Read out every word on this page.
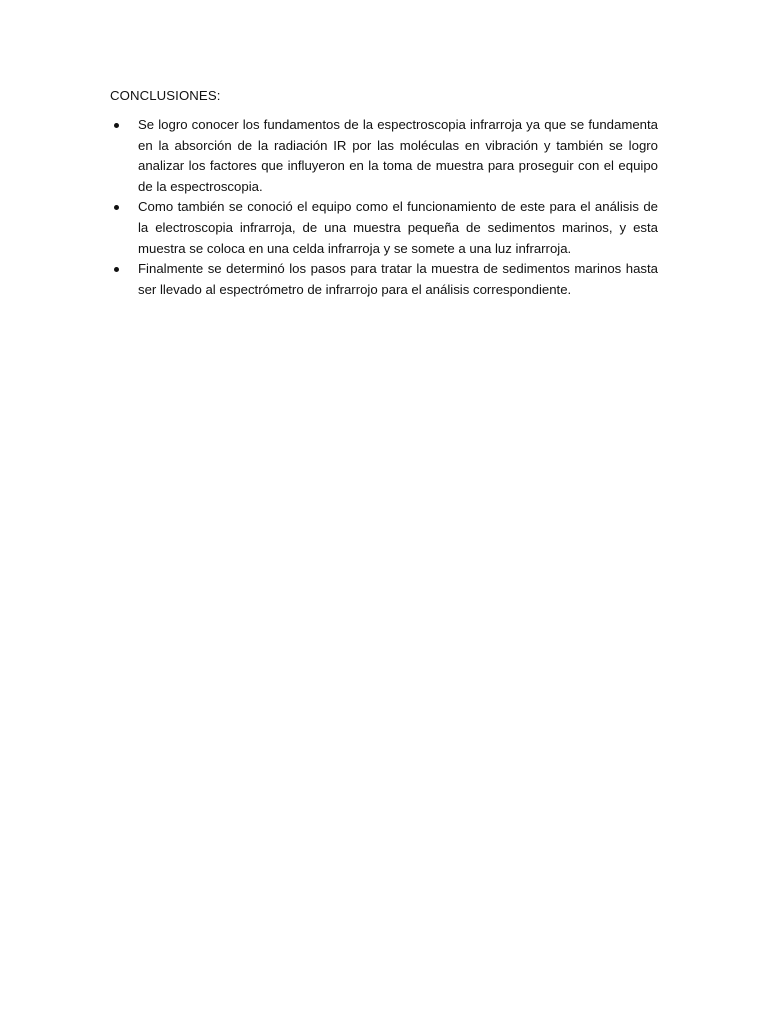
CONCLUSIONES:

Se logro conocer los fundamentos de la espectroscopia infrarroja ya que se fundamenta en la absorción de la radiación IR por las moléculas en vibración y también se logro analizar los factores que influyeron en la toma de muestra para proseguir con el equipo de la espectroscopia.
Como también se conoció el equipo como el funcionamiento de este para el análisis de la electroscopia infrarroja, de una muestra pequeña de sedimentos marinos, y esta muestra se coloca en una celda infrarroja y se somete a una luz infrarroja.
Finalmente se determinó los pasos para tratar la muestra de sedimentos marinos hasta ser llevado al espectrómetro de infrarrojo para el análisis correspondiente.
